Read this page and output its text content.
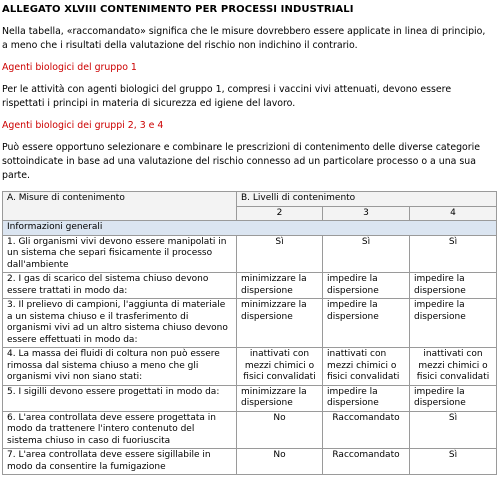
ALLEGATO XLVIII CONTENIMENTO PER PROCESSI INDUSTRIALI
Nella tabella, «raccomandato» significa che le misure dovrebbero essere applicate in linea di principio, a meno che i risultati della valutazione del rischio non indichino il contrario.
Agenti biologici del gruppo 1
Per le attività con agenti biologici del gruppo 1, compresi i vaccini vivi attenuati, devono essere rispettati i principi in materia di sicurezza ed igiene del lavoro.
Agenti biologici dei gruppi 2, 3 e 4
Può essere opportuno selezionare e combinare le prescrizioni di contenimento delle diverse categorie sottoindicate in base ad una valutazione del rischio connesso ad un particolare processo o a una sua parte.
A. Misure di contenimento	B. Livelli di contenimento		
	2	3	4
Informazioni generali			
1. Gli organismi vivi devono essere manipolati in un sistema che separi fisicamente il processo dall'ambiente	Sì	Sì	Sì
2. I gas di scarico del sistema chiuso devono essere trattati in modo da:	minimizzare la dispersione	impedire la dispersione	impedire la dispersione
3. Il prelievo di campioni, l'aggiunta di materiale a un sistema chiuso e il trasferimento di organismi vivi ad un altro sistema chiuso devono essere effettuati in modo da:	minimizzare la dispersione	impedire la dispersione	impedire la dispersione
4. La massa dei fluidi di coltura non può essere rimossa dal sistema chiuso a meno che gli organismi vivi non siano stati:	inattivati con mezzi chimici o fisici convalidati	inattivati con mezzi chimici o fisici convalidati	inattivati con mezzi chimici o fisici convalidati
5. I sigilli devono essere progettati in modo da:	minimizzare la dispersione	impedire la dispersione	impedire la dispersione
6. L'area controllata deve essere progettata in modo da trattenere l'intero contenuto del sistema chiuso in caso di fuoriuscita	No	Raccomandato	Sì
7. L'area controllata deve essere sigillabile in modo da consentire la fumigazione	No	Raccomandato	Sì
